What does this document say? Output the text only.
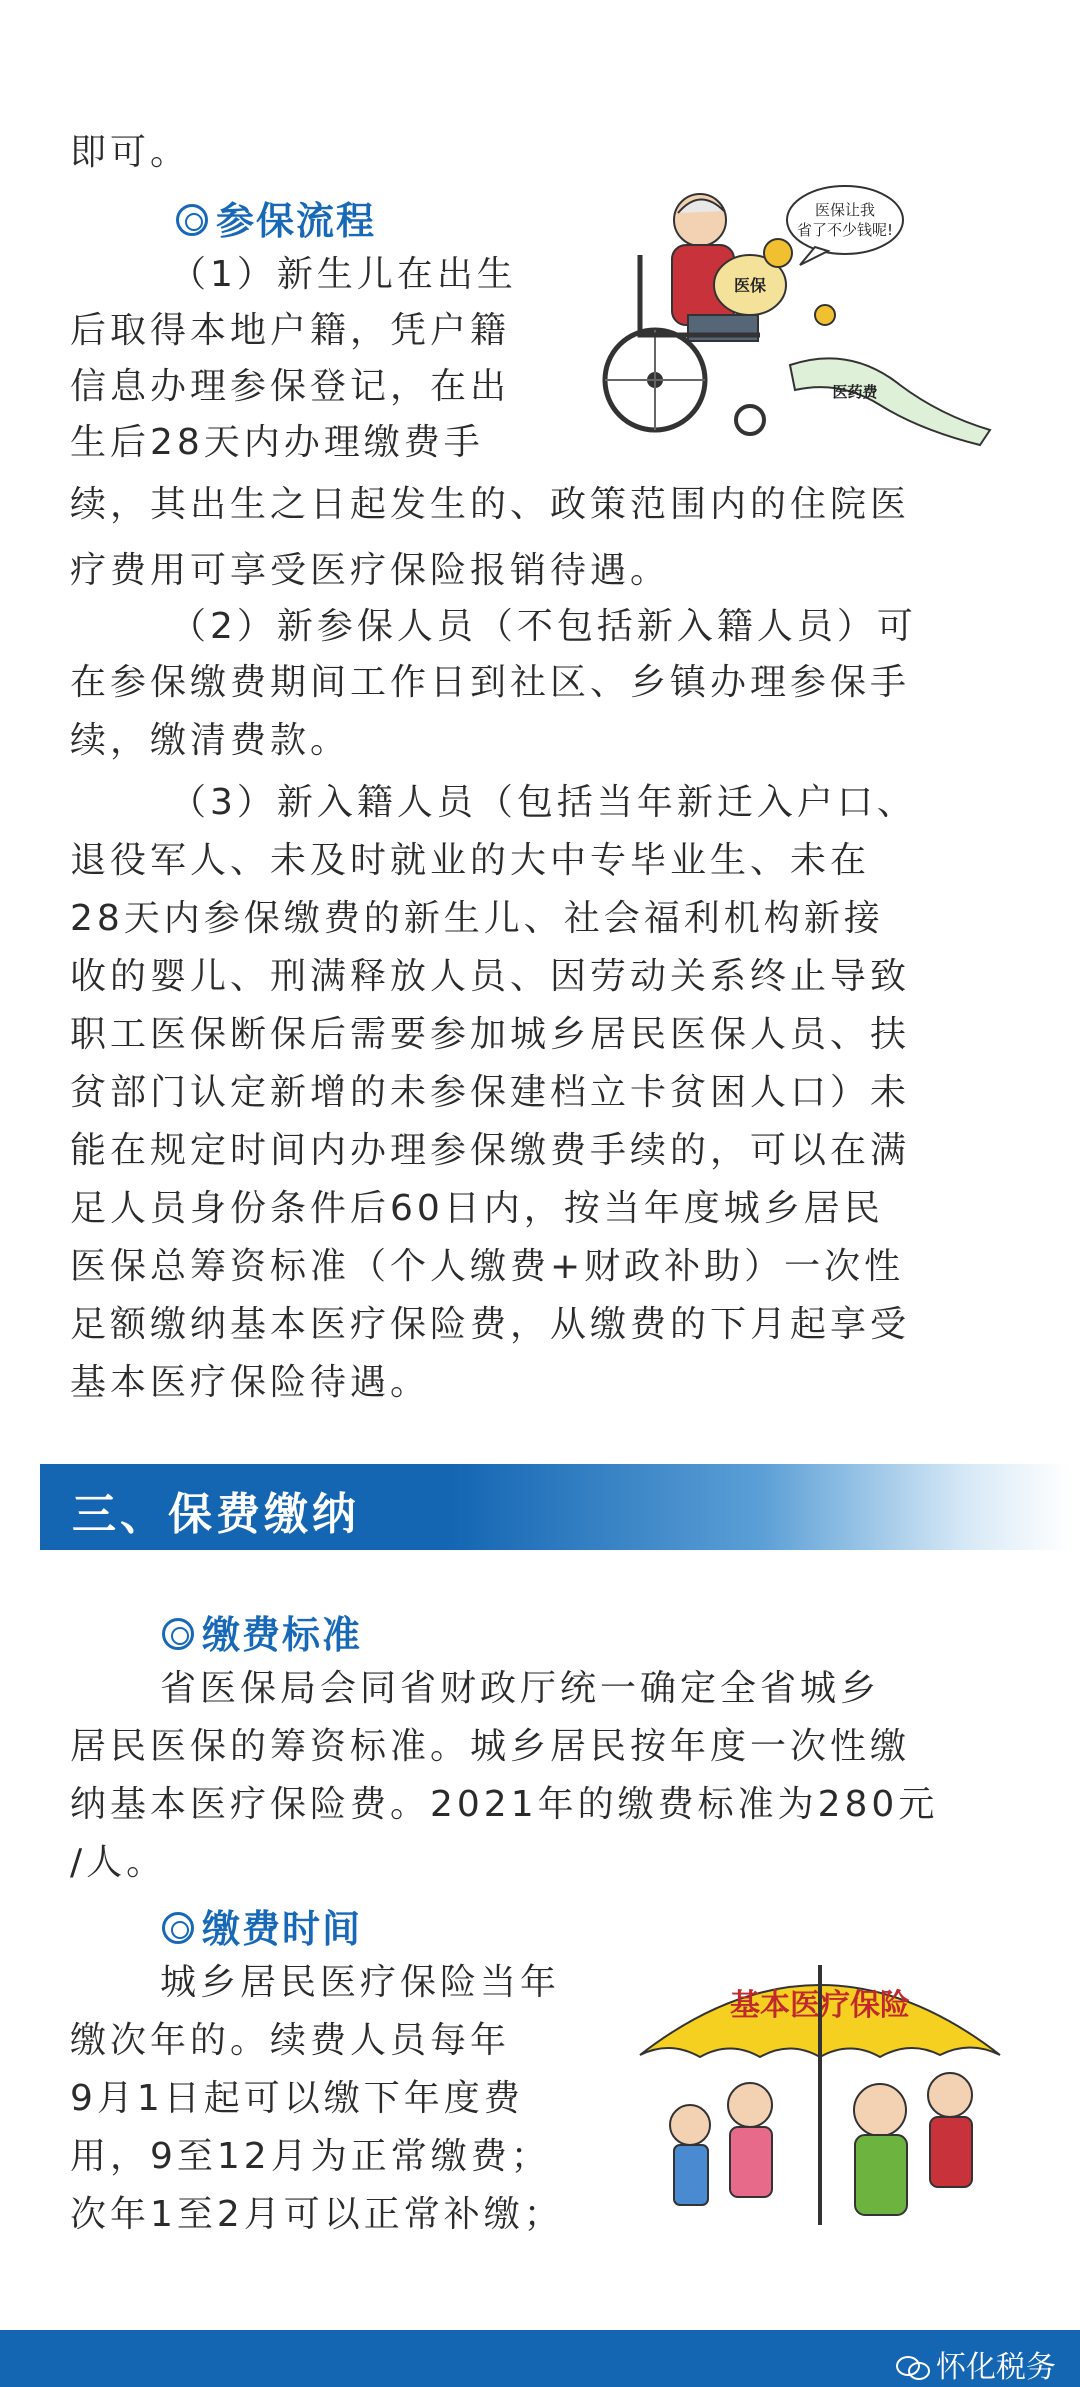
即可。

参保流程

（1）新生儿在出生

后取得本地户籍，凭户籍

信息办理参保登记，在出

生后28天内办理缴费手

续，其出生之日起发生的、政策范围内的住院医

疗费用可享受医疗保险报销待遇。

医保让我
省了不少钱呢!
医保
医药费

（2）新参保人员（不包括新入籍人员）可

在参保缴费期间工作日到社区、乡镇办理参保手

续，缴清费款。

（3）新入籍人员（包括当年新迁入户口、

退役军人、未及时就业的大中专毕业生、未在

28天内参保缴费的新生儿、社会福利机构新接

收的婴儿、刑满释放人员、因劳动关系终止导致

职工医保断保后需要参加城乡居民医保人员、扶

贫部门认定新增的未参保建档立卡贫困人口）未

能在规定时间内办理参保缴费手续的，可以在满

足人员身份条件后60日内，按当年度城乡居民

医保总筹资标准（个人缴费+财政补助）一次性

足额缴纳基本医疗保险费，从缴费的下月起享受

基本医疗保险待遇。

三、保费缴纳
缴费标准

省医保局会同省财政厅统一确定全省城乡

居民医保的筹资标准。城乡居民按年度一次性缴

纳基本医疗保险费。2021年的缴费标准为280元

/人。

缴费时间

城乡居民医疗保险当年

缴次年的。续费人员每年

9月1日起可以缴下年度费

用，9至12月为正常缴费；

次年1至2月可以正常补缴；

基本医疗保险
怀化税务
